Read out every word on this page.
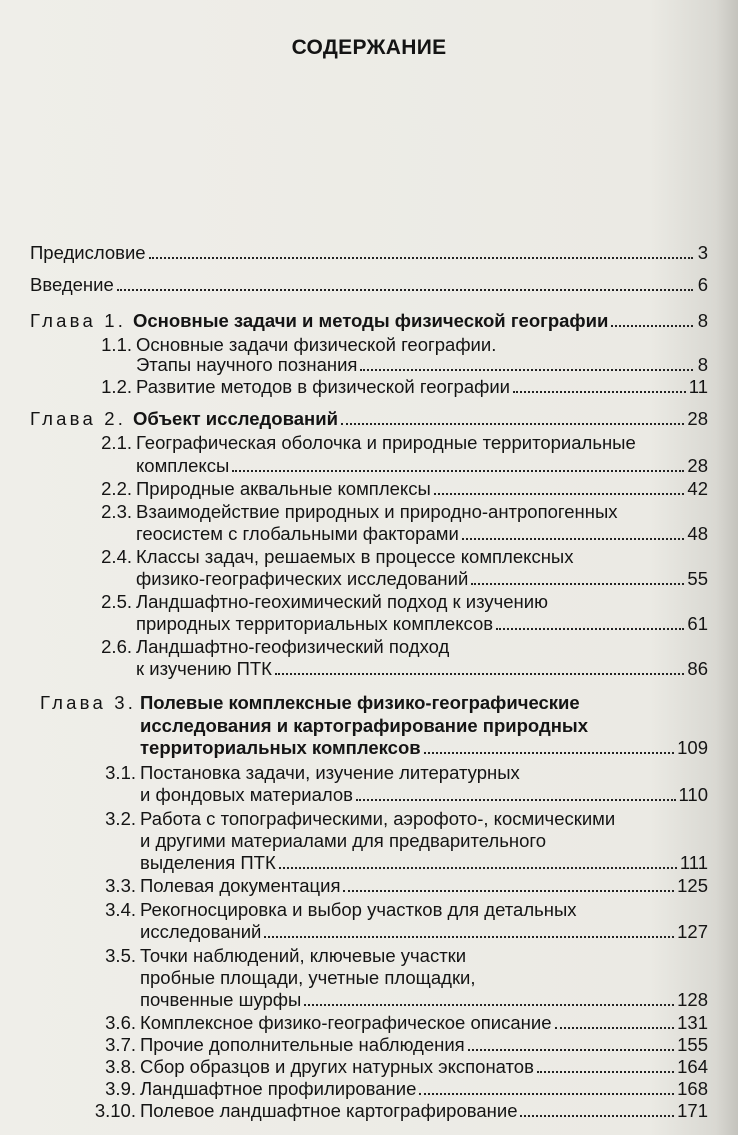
СОДЕРЖАНИЕ
Предисловие	3
Введение	6
Глава 1. Основные задачи и методы физической географии	8
1.1. Основные задачи физической географии.
Этапы научного познания	8
1.2. Развитие методов в физической географии	11
Глава 2. Объект исследований	28
2.1. Географическая оболочка и природные территориальные
комплексы	28
2.2. Природные аквальные комплексы	42
2.3. Взаимодействие природных и природно-антропогенных
геосистем с глобальными факторами	48
2.4. Классы задач, решаемых в процессе комплексных
физико-географических исследований	55
2.5. Ландшафтно-геохимический подход к изучению
природных территориальных комплексов	61
2.6. Ландшафтно-геофизический подход
к изучению ПТК	86
Глава 3. Полевые комплексные физико-географические
исследования и картографирование природных
территориальных комплексов	109
3.1. Постановка задачи, изучение литературных
и фондовых материалов	110
3.2. Работа с топографическими, аэрофото-, космическими
и другими материалами для предварительного
выделения ПТК	111
3.3. Полевая документация	125
3.4. Рекогносцировка и выбор участков для детальных
исследований	127
3.5. Точки наблюдений, ключевые участки
пробные площади, учетные площадки,
почвенные шурфы	128
3.6. Комплексное физико-географическое описание	131
3.7. Прочие дополнительные наблюдения	155
3.8. Сбор образцов и других натурных экспонатов	164
3.9. Ландшафтное профилирование	168
3.10. Полевое ландшафтное картографирование	171
